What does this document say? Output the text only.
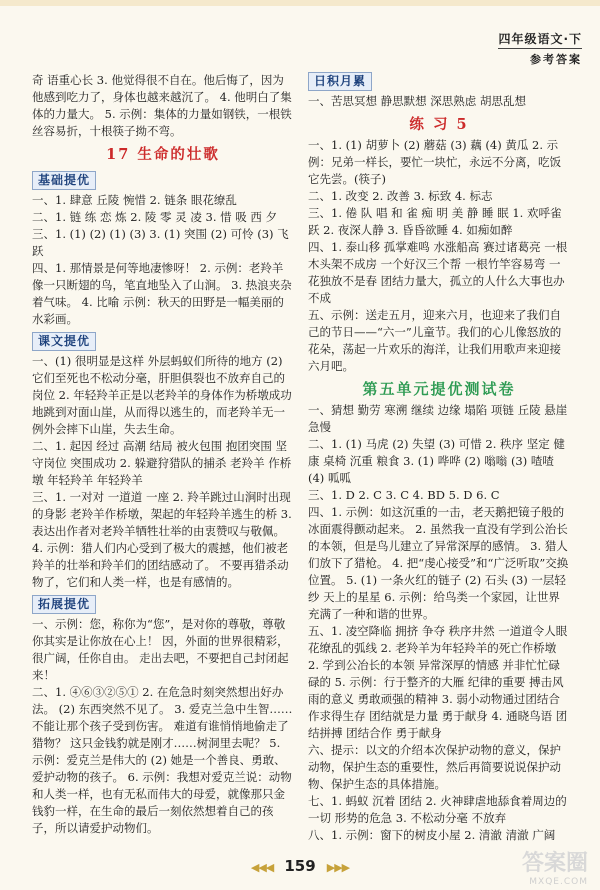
四年级语文·下
参考答案

奇 语重心长 3. 他觉得很不自在。他后悔了，因为他感到吃力了，身体也越来越沉了。 4. 他明白了集体的力量大。 5. 示例：集体的力量如钢铁，一根铁丝容易折，十根筷子拗不弯。

17 生命的壮歌
基础提优

一、1. 肆意 丘陵 惋惜 2. 链条 眼花缭乱

二、1. 链 练 恋 炼 2. 陵 零 灵 凌 3. 惜 吸 西 夕

三、1. (1) (2) (1) (3) 3. (1) 突围 (2) 可怜 (3) 飞跃

四、1. 那情景是何等地凄惨呀！ 2. 示例：老羚羊像一只断翅的鸟，笔直地坠入了山涧。 3. 热浪夹杂着气味。 4. 比喻 示例：秋天的田野是一幅美丽的水彩画。

课文提优

一、(1) 很明显是这样 外层蚂蚁们所待的地方 (2) 它们至死也不松动分毫，肝胆俱裂也不放弃自己的岗位 2. 年轻羚羊正是以老羚羊的身体作为桥墩成功地跳到对面山崖，从而得以逃生的，而老羚羊无一例外会摔下山崖，失去生命。

二、1. 起因 经过 高潮 结局 被火包围 抱团突围 坚守岗位 突围成功 2. 躲避狩猎队的捕杀 老羚羊 作桥墩 年轻羚羊 年轻羚羊

三、1. 一对对 一道道 一座 2. 羚羊跳过山涧时出现的身影 老羚羊作桥墩，架起的年轻羚羊逃生的桥 3. 表达出作者对老羚羊牺牲壮举的由衷赞叹与敬佩。 4. 示例：猎人们内心受到了极大的震撼，他们被老羚羊的壮举和羚羊们的团结感动了。 不要再猎杀动物了，它们和人类一样，也是有感情的。

拓展提优

一、示例：您，称你为“您”，是对你的尊敬，尊敬你其实是让你放在心上！ 因，外面的世界很精彩，很广阔，任你自由。 走出去吧，不要把自己封闭起来！

二、1. ④⑥③②⑤① 2. 在危急时刻突然想出好办法。 (2) 东西突然不见了。 3. 爱克兰急中生智……不能让那个孩子受到伤害。 难道有谁悄悄地偷走了猎物？ 这只金钱豹就是刚才……树洞里去呢？ 5. 示例：爱克兰是伟大的 (2) 她是一个善良、勇敢、爱护动物的孩子。 6. 示例：我想对爱克兰说：动物和人类一样，也有无私而伟大的母爱，就像那只金钱豹一样，在生命的最后一刻依然想着自己的孩子，所以请爱护动物们。

日积月累

一、苦思冥想 静思默想 深思熟虑 胡思乱想

练 习 5

一、1. (1) 胡萝卜 (2) 蘑菇 (3) 藕 (4) 黄瓜 2. 示例：兄弟一样长，要忙一块忙，永远不分离，吃饭它先尝。(筷子)

二、1. 改变 2. 改善 3. 标致 4. 标志

三、1. 倦 队 唱 和 雀 痴 明 美 静 睡 眠 1. 欢呼雀跃 2. 夜深人静 3. 昏昏欲睡 4. 如痴如醉

四、1. 泰山移 孤掌难鸣 水涨船高 赛过诸葛亮 一根木头架不成房 一个好汉三个帮 一根竹竿容易弯 一花独放不是春 团结力量大，孤立的人什么大事也办不成

五、示例：送走五月，迎来六月，也迎来了我们自己的节日——“六一”儿童节。我们的心儿像怒放的花朵，荡起一片欢乐的海洋，让我们用歌声来迎接六月吧。

第五单元提优测试卷

一、猜想 勤劳 寒溯 继续 边缘 塌陷 项链 丘陵 悬崖 急慢

二、1. (1) 马虎 (2) 失望 (3) 可惜 2. 秩序 坚定 健康 桌椅 沉重 粮食 3. (1) 哗哗 (2) 嗡嗡 (3) 喳喳 (4) 呱呱

三、1. D 2. C 3. C 4. BD 5. D 6. C

四、1. 示例：如这沉重的一击，老天鹅把镜子般的冰面震得颤动起来。 2. 虽然我一直没有学到公治长的本领，但是鸟儿建立了异常深厚的感情。 3. 猎人们放下了猎枪。 4. 把“虔心接受”和“广泛听取”交换位置。 5. (1) 一条火红的链子 (2) 石头 (3) 一层轻纱 天上的星星 6. 示例：给鸟类一个家园，让世界充满了一种和谐的世界。

五、1. 凌空降临 拥挤 争夺 秩序井然 一道道令人眼花缭乱的弧线 2. 老羚羊为年轻羚羊的死亡作桥墩 2. 学到公冶长的本领 异常深厚的情感 并非忙忙碌碌的 5. 示例：行于整齐的大雁 纪律的重要 搏击风雨的意义 勇敢顽强的精神 3. 弱小动物通过团结合作求得生存 团结就是力量 勇于献身 4. 通晓鸟语 团结拼搏 团结合作 勇于献身

六、提示：以文的介绍本次保护动物的意义，保护动物，保护生态的重要性，然后再简要说说保护动物、保护生态的具体措施。

七、1. 蚂蚁 沉着 团结 2. 火神肆虐地舔食着周边的一切 形势的危急 3. 不松动分毫 不放弃

八、1. 示例：窗下的树皮小屋 2. 清澈 清澈 广阔

◀◀◀ 159 ▶▶▶	答案圈
MXQE.COM
